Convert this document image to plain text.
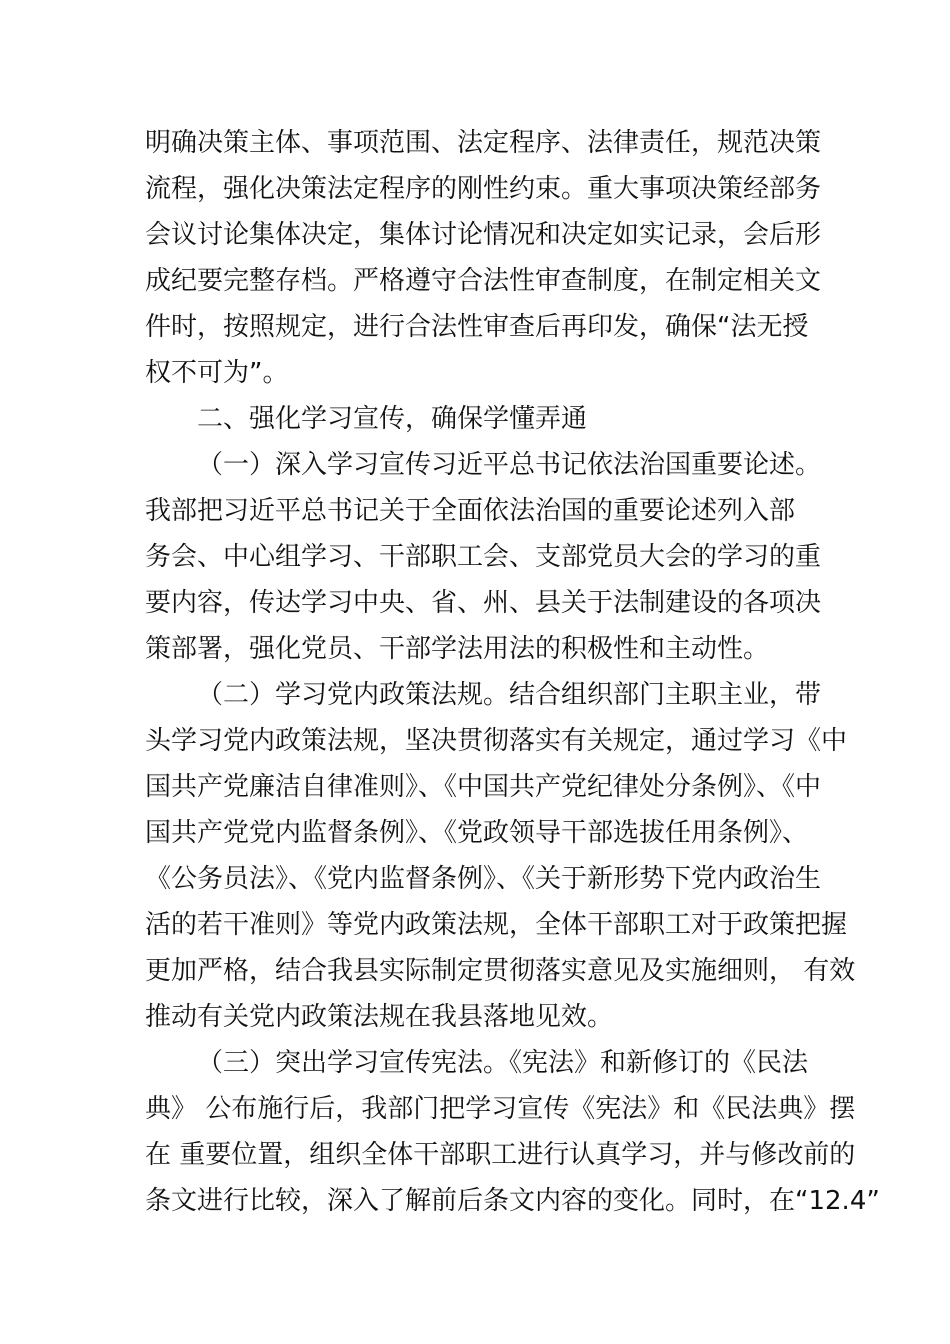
明确决策主体、事项范围、法定程序、法律责任，规范决策
流程，强化决策法定程序的刚性约束。重大事项决策经部务
会议讨论集体决定，集体讨论情况和决定如实记录，会后形
成纪要完整存档。严格遵守合法性审查制度，在制定相关文
件时，按照规定，进行合法性审查后再印发，确保“法无授
权不可为”。
二、强化学习宣传，确保学懂弄通
（一）深入学习宣传习近平总书记依法治国重要论述。
我部把习近平总书记关于全面依法治国的重要论述列入部
务会、中心组学习、干部职工会、支部党员大会的学习的重
要内容，传达学习中央、省、州、县关于法制建设的各项决
策部署，强化党员、干部学法用法的积极性和主动性。
（二）学习党内政策法规。结合组织部门主职主业，带
头学习党内政策法规，坚决贯彻落实有关规定，通过学习《中
国共产党廉洁自律准则》、《中国共产党纪律处分条例》、《中
国共产党党内监督条例》、《党政领导干部选拔任用条例》、
《公务员法》、《党内监督条例》、《关于新形势下党内政治生
活的若干准则》等党内政策法规，全体干部职工对于政策把握
更加严格，结合我县实际制定贯彻落实意见及实施细则， 有效
推动有关党内政策法规在我县落地见效。
（三）突出学习宣传宪法。《宪法》和新修订的《民法
典》 公布施行后，我部门把学习宣传《宪法》和《民法典》摆
在 重要位置，组织全体干部职工进行认真学习，并与修改前的
条文进行比较，深入了解前后条文内容的变化。同时，在“12.4”
